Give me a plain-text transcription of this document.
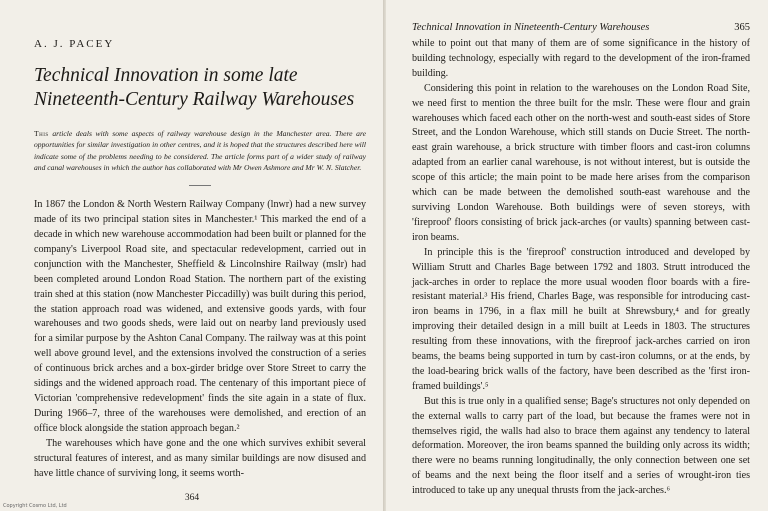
A. J. PACEY
Technical Innovation in some late
Nineteenth-Century Railway Warehouses

This article deals with some aspects of railway warehouse design in the Manchester area. There are opportunities for similar investigation in other centres, and it is hoped that the structures described here will indicate some of the problems needing to be considered. The article forms part of a wider study of railway and canal warehouses in which the author has collaborated with Mr Owen Ashmore and Mr W. N. Slatcher.

In 1867 the London & North Western Railway Company (lnwr) had a new survey made of its two principal station sites in Manchester.¹ This marked the end of a decade in which new warehouse accommodation had been built or planned for the company's Liverpool Road site, and spectacular redevelopment, carried out in conjunction with the Manchester, Sheffield & Lincolnshire Railway (mslr) had been completed around London Road Station. The northern part of the existing train shed at this station (now Manchester Piccadilly) was built during this period, the station approach road was widened, and extensive goods yards, with four warehouses and two goods sheds, were laid out on nearby land previously used for a similar purpose by the Ashton Canal Company. The railway was at this point well above ground level, and the extensions involved the construction of a series of continuous brick arches and a box-girder bridge over Store Street to carry the sidings and the widened approach road. The centenary of this important piece of Victorian 'comprehensive redevelopment' finds the site again in a state of flux. During 1966–7, three of the warehouses were demolished, and erection of an office block alongside the station approach began.²

The warehouses which have gone and the one which survives exhibit several structural features of interest, and as many similar buildings are now disused and have little chance of surviving long, it seems worth-

364
Copyright Cosmo Ltd, Ltd
Technical Innovation in Nineteenth-Century Warehouses	365

while to point out that many of them are of some significance in the history of building technology, especially with regard to the development of the iron-framed building.

Considering this point in relation to the warehouses on the London Road Site, we need first to mention the three built for the mslr. These were flour and grain warehouses which faced each other on the north-west and south-east sides of Store Street, and the London Warehouse, which still stands on Ducie Street. The north-east grain warehouse, a brick structure with timber floors and cast-iron columns adapted from an earlier canal warehouse, is not without interest, but is outside the scope of this article; the main point to be made here arises from the comparison which can be made between the demolished south-east warehouse and the surviving London Warehouse. Both buildings were of seven storeys, with 'fireproof' floors consisting of brick jack-arches (or vaults) spanning between cast-iron beams.

In principle this is the 'fireproof' construction introduced and developed by William Strutt and Charles Bage between 1792 and 1803. Strutt introduced the jack-arches in order to replace the more usual wooden floor boards with a fire-resistant material.³ His friend, Charles Bage, was responsible for introducing cast-iron beams in 1796, in a flax mill he built at Shrewsbury,⁴ and for greatly improving their detailed design in a mill built at Leeds in 1803. The structures resulting from these innovations, with the fireproof jack-arches carried on iron beams, the beams being supported in turn by cast-iron columns, or at the ends, by the load-bearing brick walls of the factory, have been described as the 'first iron-framed buildings'.⁵

But this is true only in a qualified sense; Bage's structures not only depended on the external walls to carry part of the load, but because the frames were not in themselves rigid, the walls had also to brace them against any tendency to lateral deformation. Moreover, the iron beams spanned the building only across its width; there were no beams running longitudinally, the only connection between one set of beams and the next being the floor itself and a series of wrought-iron ties introduced to take up any unequal thrusts from the jack-arches.⁶
